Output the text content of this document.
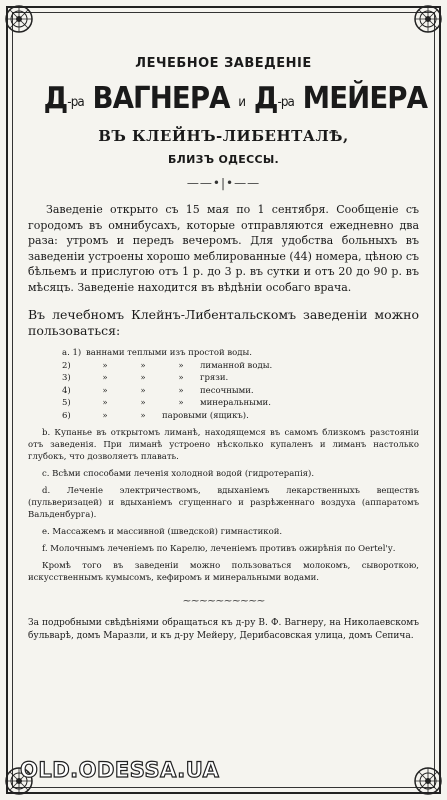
ЛЕЧЕБНОЕ ЗАВЕДЕНІЕ
$Д^{-ра}$ ВАГНЕРА $^и$ $Д^{-ра}$ МЕЙЕРА
ВЪ КЛЕЙНЪ-ЛИБЕНТАЛѢ,
БЛИЗЪ ОДЕССЫ.
——•|•——
Заведеніе открыто съ 15 мая по 1 сентября. Сообщеніе съ городомъ въ омнибусахъ, которые отправляются ежедневно два раза: утромъ и передъ вечеромъ. Для удобства больныхъ въ заведеніи устроены хорошо меблированные (44) номера, цѣною съ бѣльемъ и прислугою отъ 1 р. до 3 р. въ сутки и отъ 20 до 90 р. въ мѣсяцъ. Заведеніе находится въ вѣдѣніи особаго врача.
Въ лечебномъ Клейнъ-Либентальскомъ заведеніи можно пользоваться:
a. 1) ваннами теплыми изъ простой воды.
2)	»	»	» лиманной воды.
3)	»	»	» грязи.
4)	»	»	» песочными.
5)	»	»	» минеральными.
6)	»	» паровыми (ящикъ).
b. Купанье въ открытомъ лиманѣ, находящемся въ самомъ близкомъ разстояніи отъ заведенія. При лиманѣ устроено нѣсколько купаленъ и лиманъ настолько глубокъ, что дозволяетъ плавать.
c. Всѣми способами леченія холодной водой (гидротерапія).
d. Леченіе электричествомъ, вдыханіемъ лекарственныхъ веществъ (пульверизацей) и вдыханіемъ сгущеннаго и разрѣженнаго воздуха (аппаратомъ Вальденбурга).
e. Массажемъ и массивной (шведской) гимнастикой.
f. Молочнымъ леченіемъ по Карелю, леченіемъ противъ ожирѣнія по Oertel'у.
Кромѣ того въ заведеніи можно пользоваться молокомъ, сывороткою, искусственнымъ кумысомъ, кефиромъ и минеральными водами.
~~~~~~~~~~
За подробными свѣдѣніями обращаться къ д-ру В. Ф. Вагнеру, на Николаевскомъ бульварѣ, домъ Маразли, и къ д-ру Мейеру, Дерибасовская улица, домъ Сепича.
OLD.ODESSA.UA
